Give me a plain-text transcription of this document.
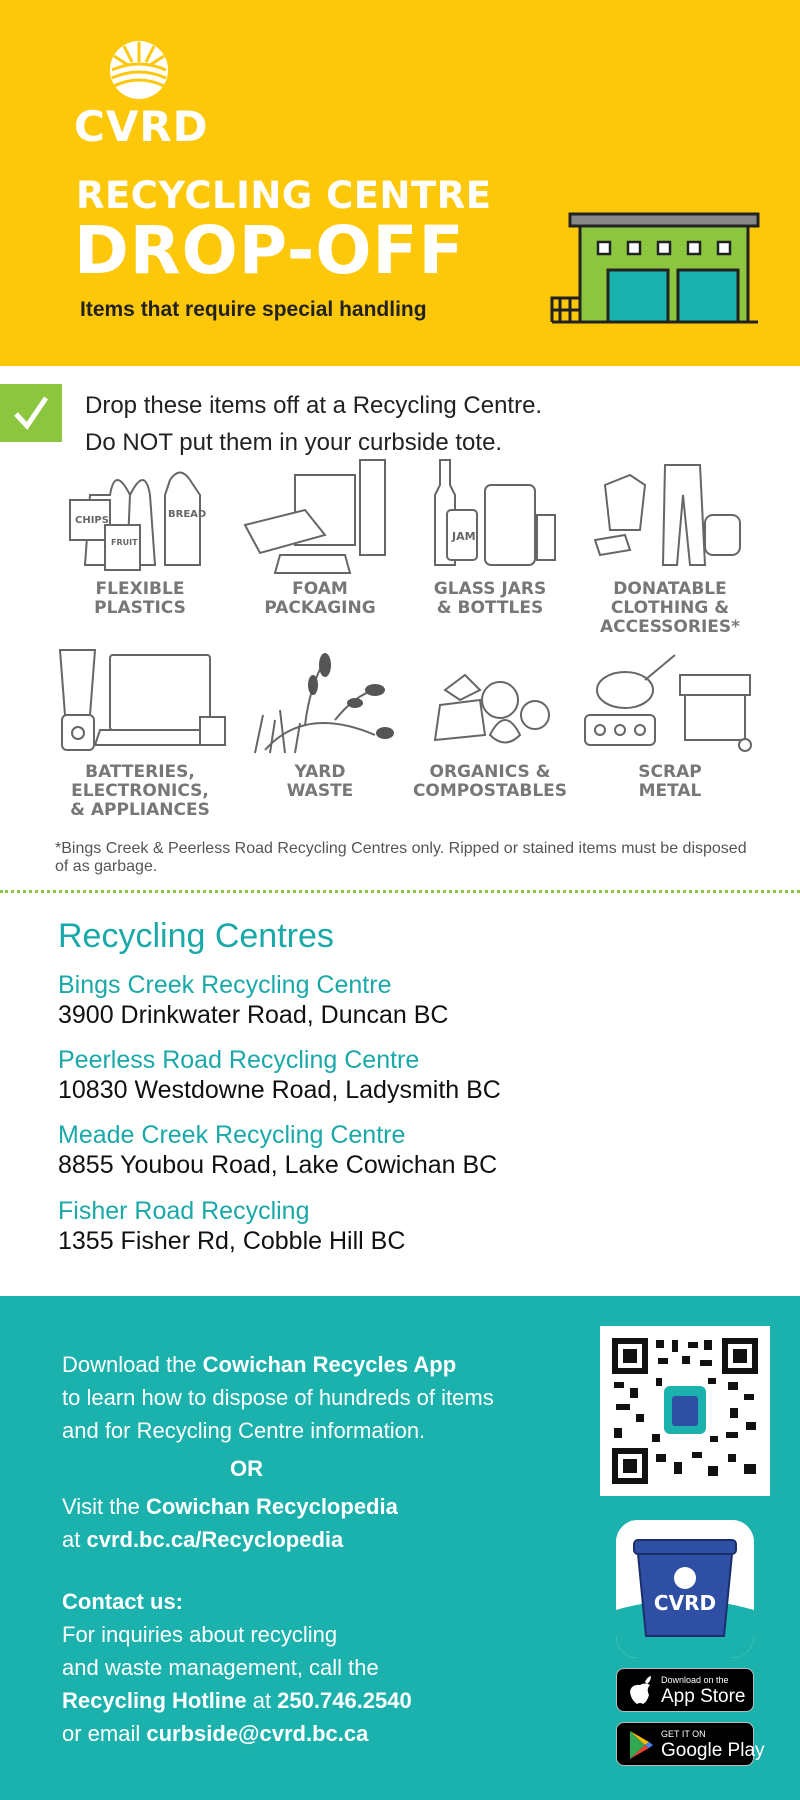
CVRD
RECYCLING CENTRE
DROP-OFF
Items that require special handling
Drop these items off at a Recycling Centre.
Do NOT put them in your curbside tote.
CHIPS
BREAD
FRUIT
FLEXIBLE
PLASTICS
FOAM
PACKAGING
JAM
GLASS JARS
& BOTTLES
DONATABLE
CLOTHING &
ACCESSORIES*
BATTERIES,
ELECTRONICS,
& APPLIANCES
YARD
WASTE
ORGANICS &
COMPOSTABLES
SCRAP
METAL
*Bings Creek & Peerless Road Recycling Centres only. Ripped or stained items must be disposed of as garbage.
Recycling Centres
Bings Creek Recycling Centre
3900 Drinkwater Road, Duncan BC
Peerless Road Recycling Centre
10830 Westdowne Road, Ladysmith BC
Meade Creek Recycling Centre
8855 Youbou Road, Lake Cowichan BC
Fisher Road Recycling
1355 Fisher Rd, Cobble Hill BC
Download the Cowichan Recycles App
to learn how to dispose of hundreds of items
and for Recycling Centre information.
OR
Visit the Cowichan Recyclopedia
at cvrd.bc.ca/Recyclopedia
Contact us:
For inquiries about recycling
and waste management, call the
Recycling Hotline at 250.746.2540
or email curbside@cvrd.bc.ca
CVRD
Download on the
App Store
GET IT ON
Google Play
